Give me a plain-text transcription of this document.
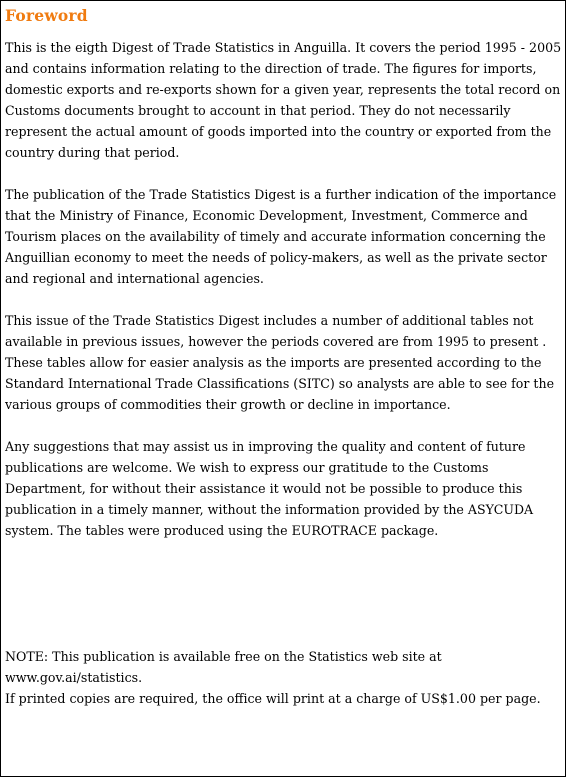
Foreword

This is the eigth Digest of Trade Statistics in Anguilla. It covers the period 1995 - 2005 and contains information relating to the direction of trade. The figures for imports, domestic exports and re-exports shown for a given year, represents the total record on Customs documents brought to account in that period. They do not necessarily represent the actual amount of goods imported into the country or exported from the country during that period.

The publication of the Trade Statistics Digest is a further indication of the importance that the Ministry of Finance, Economic Development, Investment, Commerce and Tourism places on the availability of timely and accurate information concerning the Anguillian economy to meet the needs of policy-makers, as well as the private sector and regional and international agencies.

This issue of the Trade Statistics Digest includes a number of additional tables not available in previous issues, however the periods covered are from 1995 to present . These tables allow for easier analysis as the imports are presented according to the Standard International Trade Classifications (SITC) so analysts are able to see for the various groups of commodities their growth or decline in importance.

Any suggestions that may assist us in improving the quality and content of future publications are welcome. We wish to express our gratitude to the Customs Department, for without their assistance it would not be possible to produce this publication in a timely manner, without the information provided by the ASYCUDA system. The tables were produced using the EUROTRACE package.

NOTE: This publication is available free on the Statistics web site at www.gov.ai/statistics.

If printed copies are required, the office will print at a charge of US$1.00 per page.
